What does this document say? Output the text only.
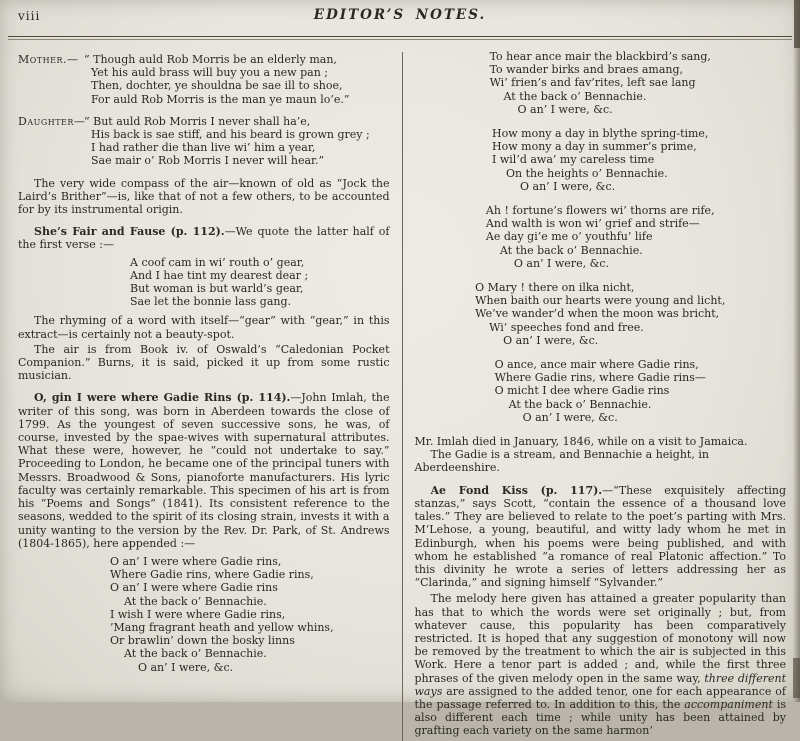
viii	EDITOR’S NOTES.
Mother.— “ Though auld Rob Morris be an elderly man,
Yet his auld brass will buy you a new pan ;
Then, dochter, ye shouldna be sae ill to shoe,
For auld Rob Morris is the man ye maun lo’e.”
Daughter—
“ But auld Rob Morris I never shall ha’e,
His back is sae stiff, and his beard is grown grey ;
I had rather die than live wi’ him a year,
Sae mair o’ Rob Morris I never will hear.”

The very wide compass of the air—known of old as “Jock the Laird’s Brither”—is, like that of not a few others, to be accounted for by its instrumental origin.

She’s Fair and Fause (p. 112).—We quote the latter half of the first verse :—

A coof cam in wi’ routh o’ gear,
And I hae tint my dearest dear ;
But woman is but warld’s gear,
Sae let the bonnie lass gang.

The rhyming of a word with itself—“gear” with “gear,” in this extract—is certainly not a beauty-spot.

The air is from Book iv. of Oswald’s “Caledonian Pocket Companion.” Burns, it is said, picked it up from some rustic musician.

O, gin I were where Gadie Rins (p. 114).—John Imlah, the writer of this song, was born in Aberdeen towards the close of 1799. As the youngest of seven successive sons, he was, of course, invested by the spae-wives with supernatural attributes. What these were, however, he “could not undertake to say.” Proceeding to London, he became one of the principal tuners with Messrs. Broadwood & Sons, pianoforte manufacturers. His lyric faculty was certainly remarkable. This specimen of his art is from his “Poems and Songs” (1841). Its consistent reference to the seasons, wedded to the spirit of its closing strain, invests it with a unity wanting to the version by the Rev. Dr. Park, of St. Andrews (1804-1865), here appended :—

O an’ I were where Gadie rins,
Where Gadie rins, where Gadie rins,
O an’ I were where Gadie rins
At the back o’ Bennachie.
I wish I were where Gadie rins,
’Mang fragrant heath and yellow whins,
Or brawlin’ down the bosky linns
At the back o’ Bennachie.
O an’ I were, &c.
To hear ance mair the blackbird’s sang,
To wander birks and braes amang,
Wi’ frien’s and fav’rites, left sae lang
At the back o’ Bennachie.
O an’ I were, &c.
How mony a day in blythe spring-time,
How mony a day in summer’s prime,
I wil’d awa’ my careless time
On the heights o’ Bennachie.
O an’ I were, &c.
Ah ! fortune’s flowers wi’ thorns are rife,
And walth is won wi’ grief and strife—
Ae day gi’e me o’ youthfu’ life
At the back o’ Bennachie.
O an’ I were, &c.
O Mary ! there on ilka nicht,
When baith our hearts were young and licht,
We’ve wander’d when the moon was bricht,
Wi’ speeches fond and free.
O an’ I were, &c.
O ance, ance mair where Gadie rins,
Where Gadie rins, where Gadie rins—
O micht I dee where Gadie rins
At the back o’ Bennachie.
O an’ I were, &c.

Mr. Imlah died in January, 1846, while on a visit to Jamaica.

The Gadie is a stream, and Bennachie a height, in Aberdeenshire.

Ae Fond Kiss (p. 117).—“These exquisitely affecting stanzas,” says Scott, “contain the essence of a thousand love tales.” They are believed to relate to the poet’s parting with Mrs. M‘Lehose, a young, beautiful, and witty lady whom he met in Edinburgh, when his poems were being published, and with whom he established “a romance of real Platonic affection.” To this divinity he wrote a series of letters addressing her as “Clarinda,” and signing himself “Sylvander.”

The melody here given has attained a greater popularity than has that to which the words were set originally ; but, from whatever cause, this popularity has been comparatively restricted. It is hoped that any suggestion of monotony will now be removed by the treatment to which the air is subjected in this Work. Here a tenor part is added ; and, while the first three phrases of the given melody open in the same way, three different ways are assigned to the added tenor, one for each appearance of the passage referred to. In addition to this, the accompaniment is also different each time ; while unity has been attained by grafting each variety on the same harmon’
